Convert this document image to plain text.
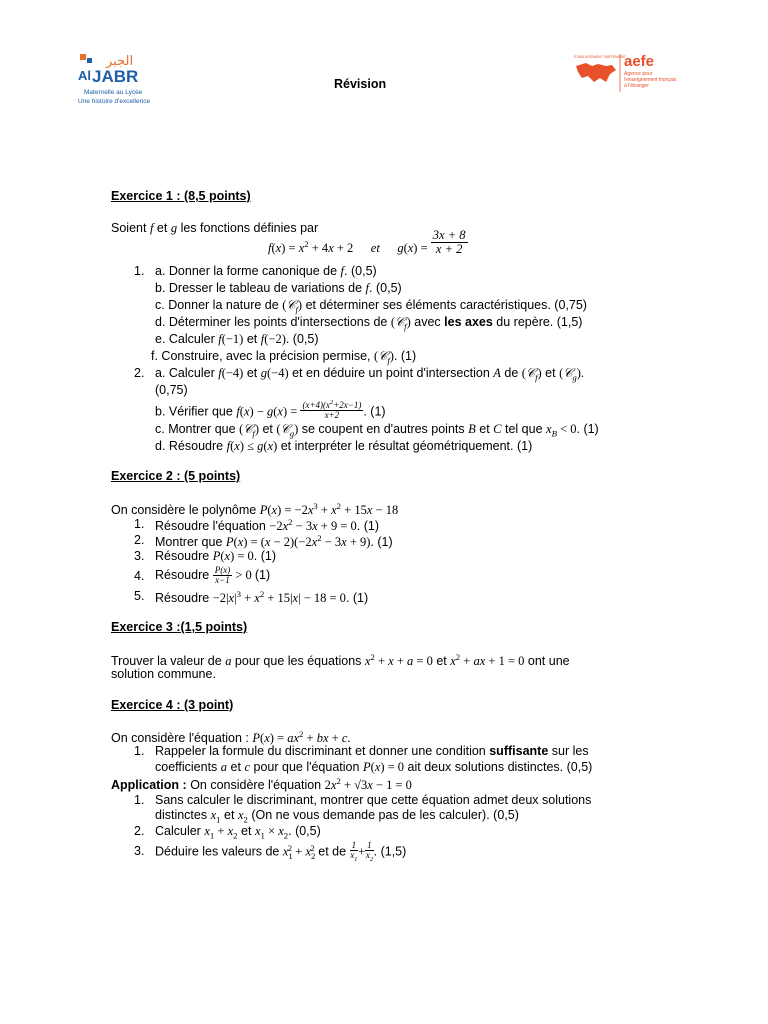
الجبر
Al JABR
Maternelle au Lycée
Une histoire d'excellence
ÉTABLISSEMENT PARTENAIRE
aefe
Agence pour
l'enseignement français
à l'étranger
Révision
Exercice 1 : (8,5 points)
Soient f et g les fonctions définies par
$f(x) = x^2 + 4x + 2$ et $g(x) = \frac{3x + 8}{x + 2}$
1. a. Donner la forme canonique de f. (0,5)
b. Dresser le tableau de variations de f. (0,5)
c. Donner la nature de (𝒞$_f$) et déterminer ses éléments caractéristiques. (0,75)
d. Déterminer les points d'intersections de (𝒞$_f$) avec les axes du repère. (1,5)
e. Calculer f(−1) et f(−2). (0,5)
f. Construire, avec la précision permise, (𝒞$_f$). (1)
2. a. Calculer f(−4) et g(−4) et en déduire un point d'intersection A de (𝒞$_f$) et (𝒞$_g$).
(0,75)
b. Vérifier que $f(x) - g(x) = \frac{(x+4)(x^2+2x-1)}{x+2}$ . (1)
c. Montrer que (𝒞$_f$) et (𝒞$_g$) se coupent en d'autres points B et C tel que $x_B < 0$. (1)
d. Résoudre f(x) ≤ g(x) et interpréter le résultat géométriquement. (1)
Exercice 2 : (5 points)
On considère le polynôme $P(x) = -2x^3 + x^2 + 15x - 18$
1. Résoudre l'équation $-2x^2 - 3x + 9 = 0$. (1)
2. Montrer que $P(x) = (x - 2)(-2x^2 - 3x + 9)$. (1)
3. Résoudre P(x) = 0. (1)
4. Résoudre $\frac{P(x)}{x-1} > 0$ (1)
5. Résoudre $-2|x|^3 + x^2 + 15|x| - 18 = 0$. (1)
Exercice 3 :(1,5 points)
Trouver la valeur de a pour que les équations $x^2 + x + a = 0$ et $x^2$ + ax + 1 = 0 ont une
solution commune.
Exercice 4 : (3 point)
On considère l'équation : $P(x) = ax^2$ + bx + c.
1. Rappeler la formule du discriminant et donner une condition suffisante sur les
coefficients a et c pour que l'équation P(x) = 0 ait deux solutions distinctes. (0,5)
Application : On considère l'équation $2x^2 + √3x - 1 = 0$
1. Sans calculer le discriminant, montrer que cette équation admet deux solutions
distinctes $x_1$ et $x_2$ (On ne vous demande pas de les calculer). (0,5)
2. Calculer $x_1 + x_2$ et $x_1 \times x_2$. (0,5)
3. Déduire les valeurs de $x_1^2 + x_2^2$ et de $\frac{1}{x_1} + \frac{1}{x_2}$ . (1,5)
